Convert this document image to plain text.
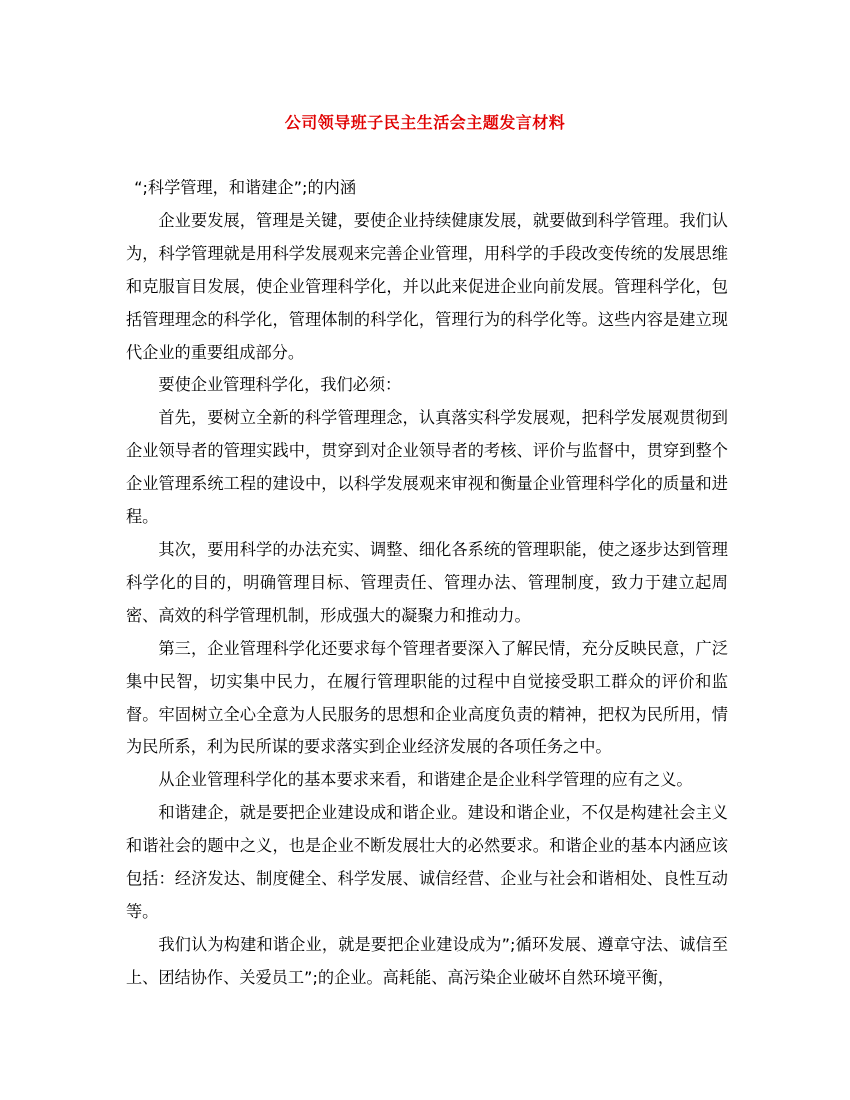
公司领导班子民主生活会主题发言材料

“;科学管理，和谐建企”;的内涵

企业要发展，管理是关键，要使企业持续健康发展，就要做到科学管理。我们认为，科学管理就是用科学发展观来完善企业管理，用科学的手段改变传统的发展思维和克服盲目发展，使企业管理科学化，并以此来促进企业向前发展。管理科学化，包括管理理念的科学化，管理体制的科学化，管理行为的科学化等。这些内容是建立现代企业的重要组成部分。

要使企业管理科学化，我们必须：

首先，要树立全新的科学管理理念，认真落实科学发展观，把科学发展观贯彻到企业领导者的管理实践中，贯穿到对企业领导者的考核、评价与监督中，贯穿到整个企业管理系统工程的建设中，以科学发展观来审视和衡量企业管理科学化的质量和进程。

其次，要用科学的办法充实、调整、细化各系统的管理职能，使之逐步达到管理科学化的目的，明确管理目标、管理责任、管理办法、管理制度，致力于建立起周密、高效的科学管理机制，形成强大的凝聚力和推动力。

第三，企业管理科学化还要求每个管理者要深入了解民情，充分反映民意，广泛集中民智，切实集中民力，在履行管理职能的过程中自觉接受职工群众的评价和监督。牢固树立全心全意为人民服务的思想和企业高度负责的精神，把权为民所用，情为民所系，利为民所谋的要求落实到企业经济发展的各项任务之中。

从企业管理科学化的基本要求来看，和谐建企是企业科学管理的应有之义。

和谐建企，就是要把企业建设成和谐企业。建设和谐企业，不仅是构建社会主义和谐社会的题中之义，也是企业不断发展壮大的必然要求。和谐企业的基本内涵应该包括：经济发达、制度健全、科学发展、诚信经营、企业与社会和谐相处、良性互动等。

我们认为构建和谐企业，就是要把企业建设成为”;循环发展、遵章守法、诚信至上、团结协作、关爱员工”;的企业。高耗能、高污染企业破坏自然环境平衡，
